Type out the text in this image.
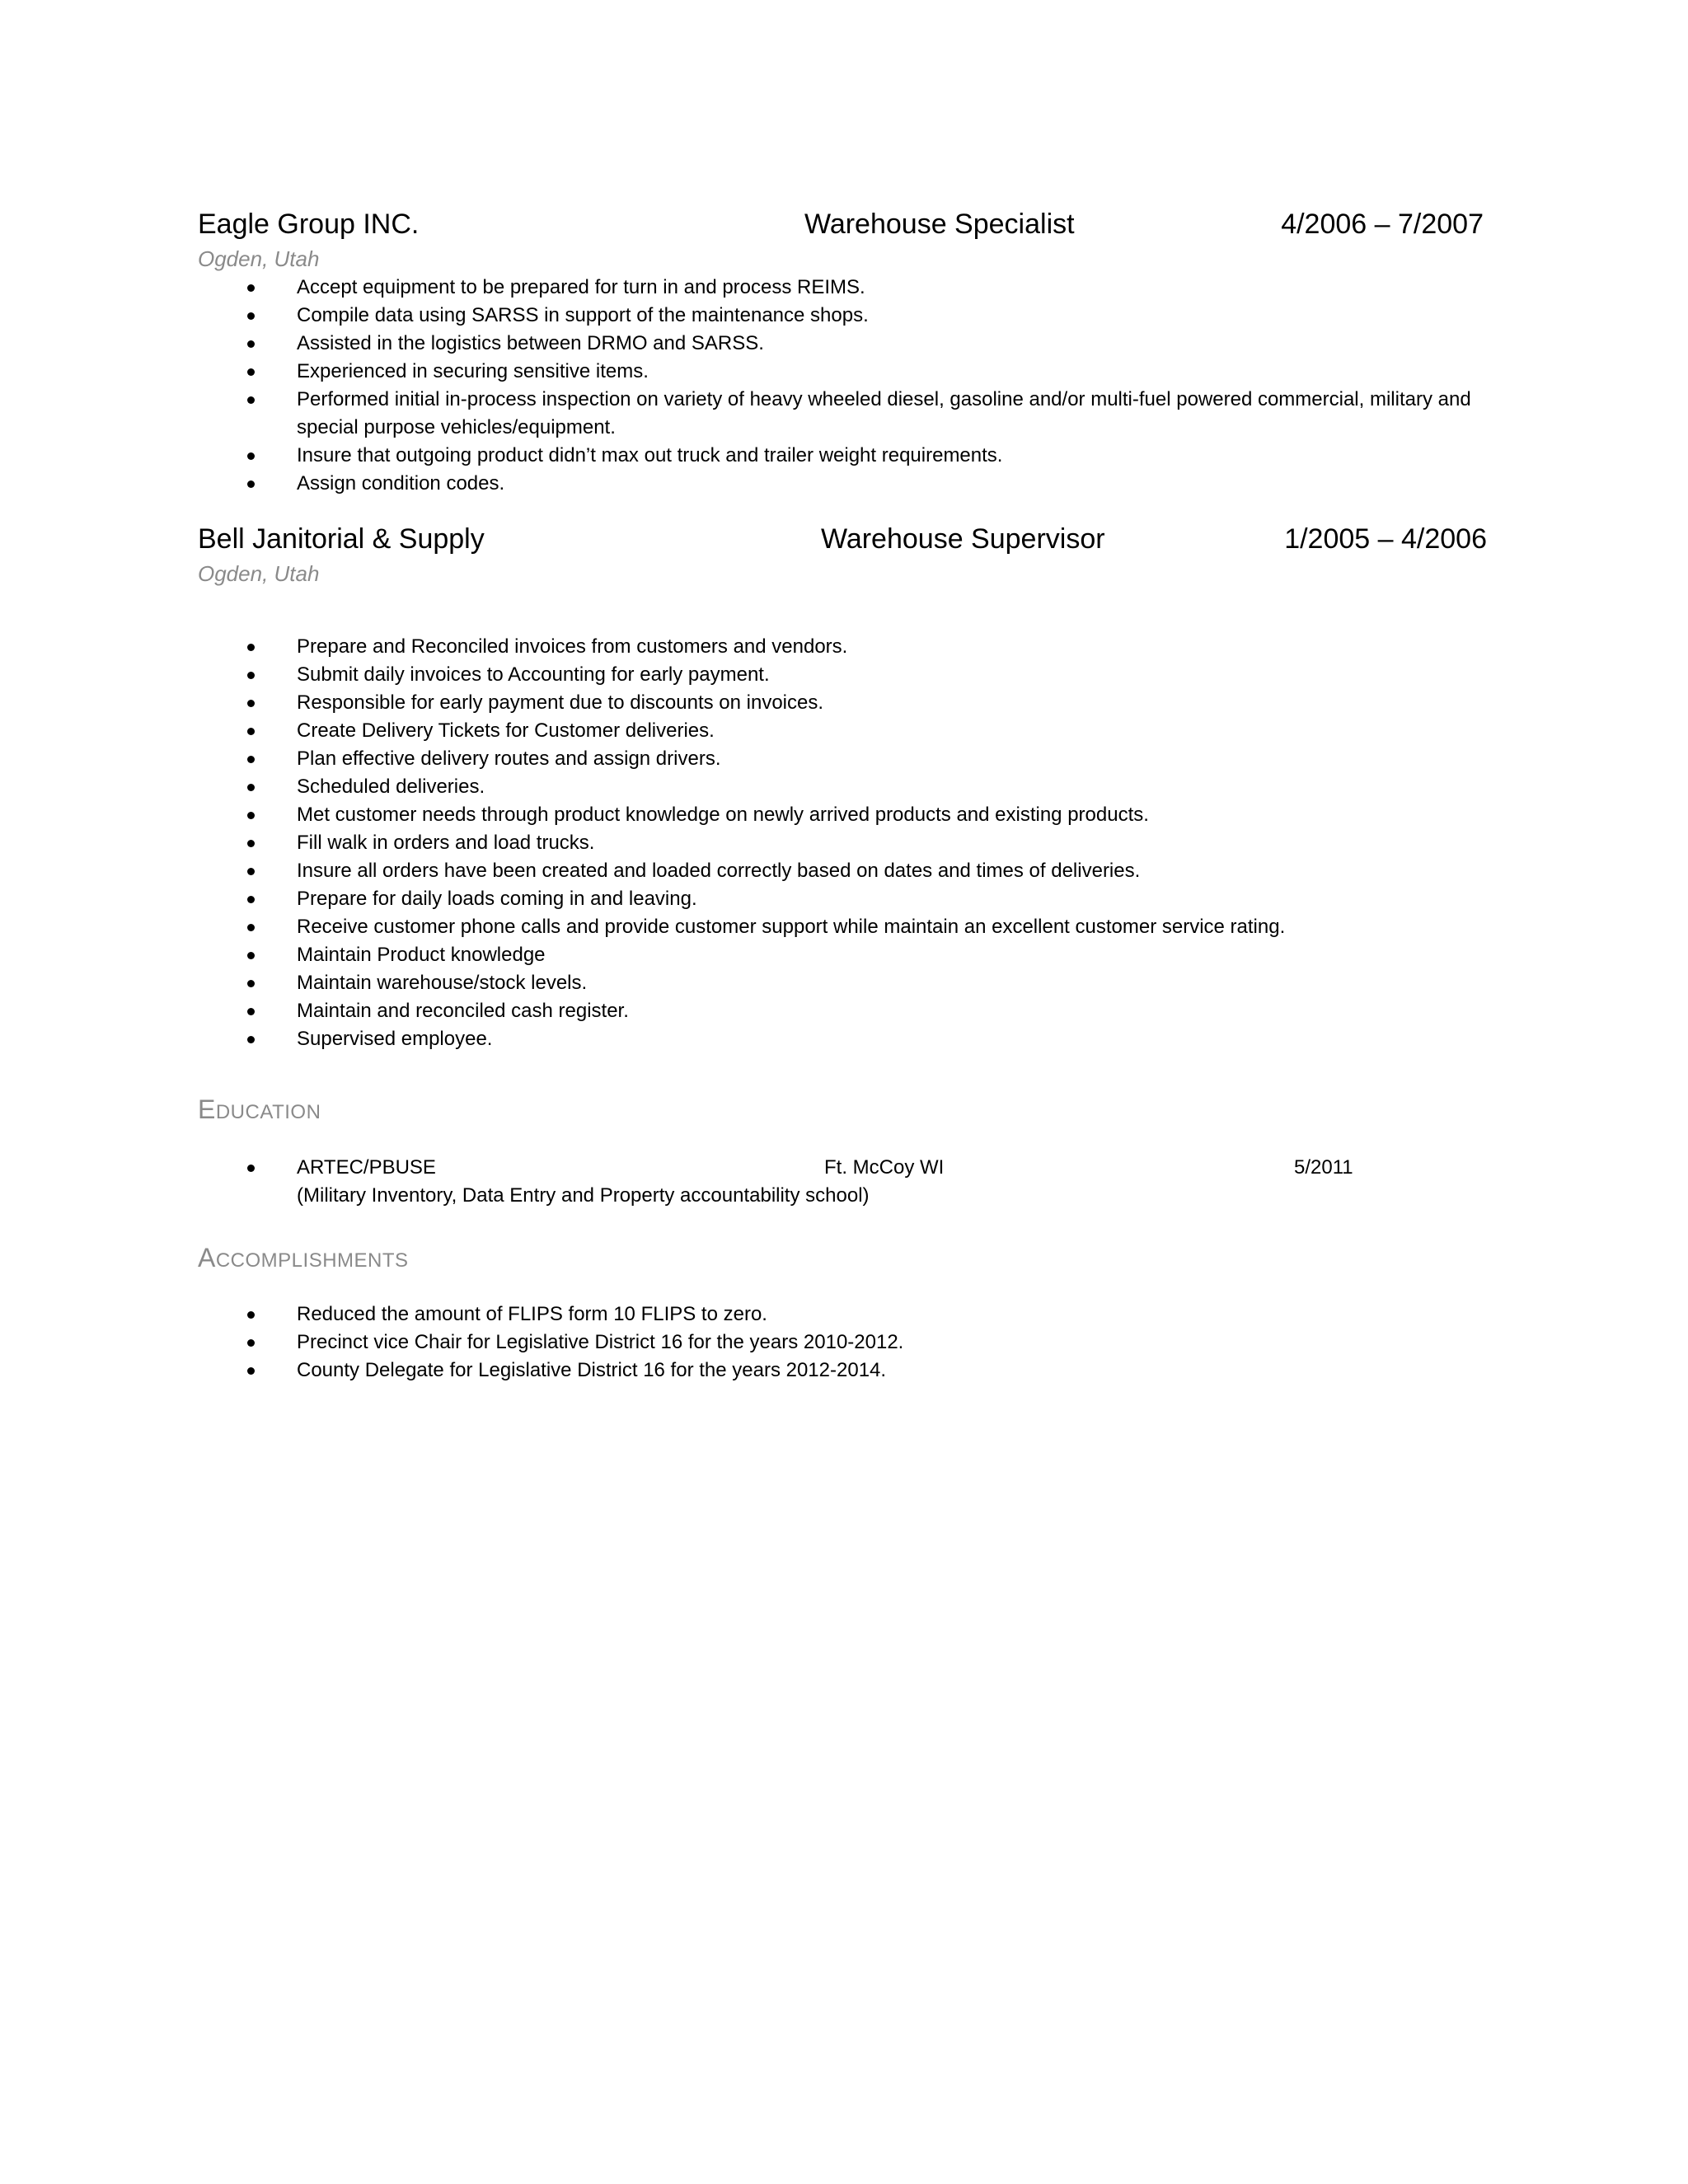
Eagle Group INC.	Warehouse Specialist	4/2006 – 7/2007
Ogden, Utah
Accept equipment to be prepared for turn in and process REIMS.
Compile data using SARSS in support of the maintenance shops.
Assisted in the logistics between DRMO and SARSS.
Experienced in securing sensitive items.
Performed initial in-process inspection on variety of heavy wheeled diesel, gasoline and/or multi-fuel powered commercial, military and special purpose vehicles/equipment.
Insure that outgoing product didn’t max out truck and trailer weight requirements.
Assign condition codes.
Bell Janitorial & Supply	Warehouse Supervisor	1/2005 – 4/2006
Ogden, Utah
Prepare and Reconciled invoices from customers and vendors.
Submit daily invoices to Accounting for early payment.
Responsible for early payment due to discounts on invoices.
Create Delivery Tickets for Customer deliveries.
Plan effective delivery routes and assign drivers.
Scheduled deliveries.
Met customer needs through product knowledge on newly arrived products and existing products.
Fill walk in orders and load trucks.
Insure all orders have been created and loaded correctly based on dates and times of deliveries.
Prepare for daily loads coming in and leaving.
Receive customer phone calls and provide customer support while maintain an excellent customer service rating.
Maintain Product knowledge
Maintain warehouse/stock levels.
Maintain and reconciled cash register.
Supervised employee.
EDUCATION
ARTEC/PBUSE	Ft. McCoy WI	5/2011
(Military Inventory, Data Entry and Property accountability school)
ACCOMPLISHMENTS
Reduced the amount of FLIPS form 10 FLIPS to zero.
Precinct vice Chair for Legislative District 16 for the years 2010-2012.
County Delegate for Legislative District 16 for the years 2012-2014.
